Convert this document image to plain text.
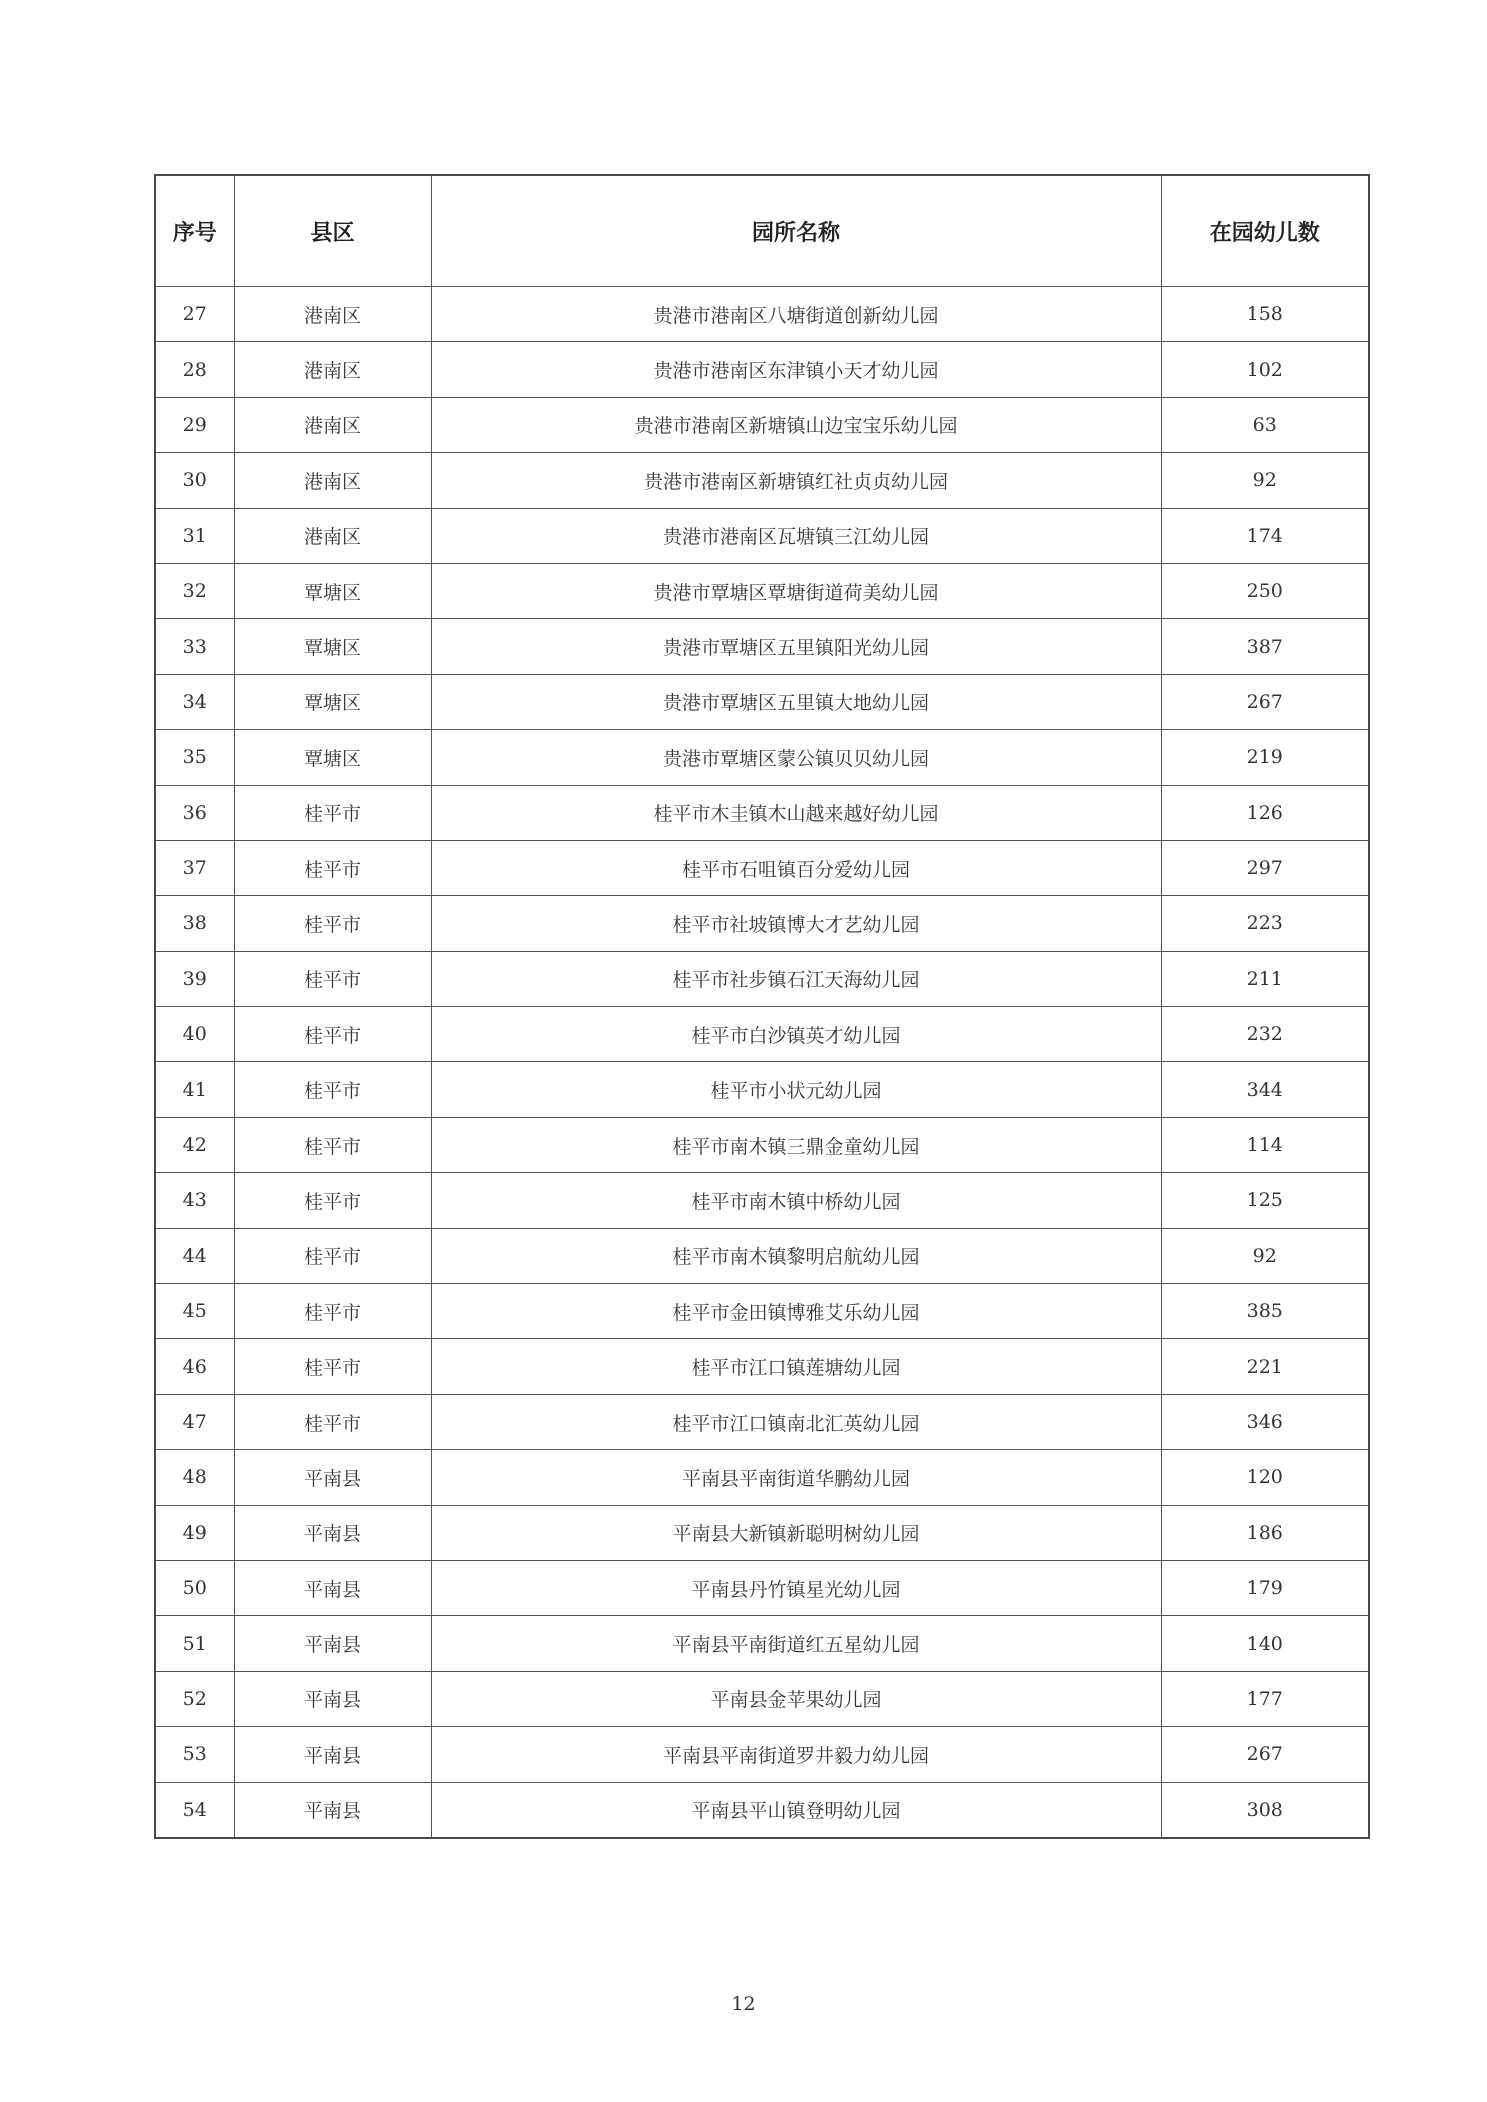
序号	县区	园所名称	在园幼儿数
27	港南区	贵港市港南区八塘街道创新幼儿园	158
28	港南区	贵港市港南区东津镇小天才幼儿园	102
29	港南区	贵港市港南区新塘镇山边宝宝乐幼儿园	63
30	港南区	贵港市港南区新塘镇红社贞贞幼儿园	92
31	港南区	贵港市港南区瓦塘镇三江幼儿园	174
32	覃塘区	贵港市覃塘区覃塘街道荷美幼儿园	250
33	覃塘区	贵港市覃塘区五里镇阳光幼儿园	387
34	覃塘区	贵港市覃塘区五里镇大地幼儿园	267
35	覃塘区	贵港市覃塘区蒙公镇贝贝幼儿园	219
36	桂平市	桂平市木圭镇木山越来越好幼儿园	126
37	桂平市	桂平市石咀镇百分爱幼儿园	297
38	桂平市	桂平市社坡镇博大才艺幼儿园	223
39	桂平市	桂平市社步镇石江天海幼儿园	211
40	桂平市	桂平市白沙镇英才幼儿园	232
41	桂平市	桂平市小状元幼儿园	344
42	桂平市	桂平市南木镇三鼎金童幼儿园	114
43	桂平市	桂平市南木镇中桥幼儿园	125
44	桂平市	桂平市南木镇黎明启航幼儿园	92
45	桂平市	桂平市金田镇博雅艾乐幼儿园	385
46	桂平市	桂平市江口镇莲塘幼儿园	221
47	桂平市	桂平市江口镇南北汇英幼儿园	346
48	平南县	平南县平南街道华鹏幼儿园	120
49	平南县	平南县大新镇新聪明树幼儿园	186
50	平南县	平南县丹竹镇星光幼儿园	179
51	平南县	平南县平南街道红五星幼儿园	140
52	平南县	平南县金苹果幼儿园	177
53	平南县	平南县平南街道罗井毅力幼儿园	267
54	平南县	平南县平山镇登明幼儿园	308
12
